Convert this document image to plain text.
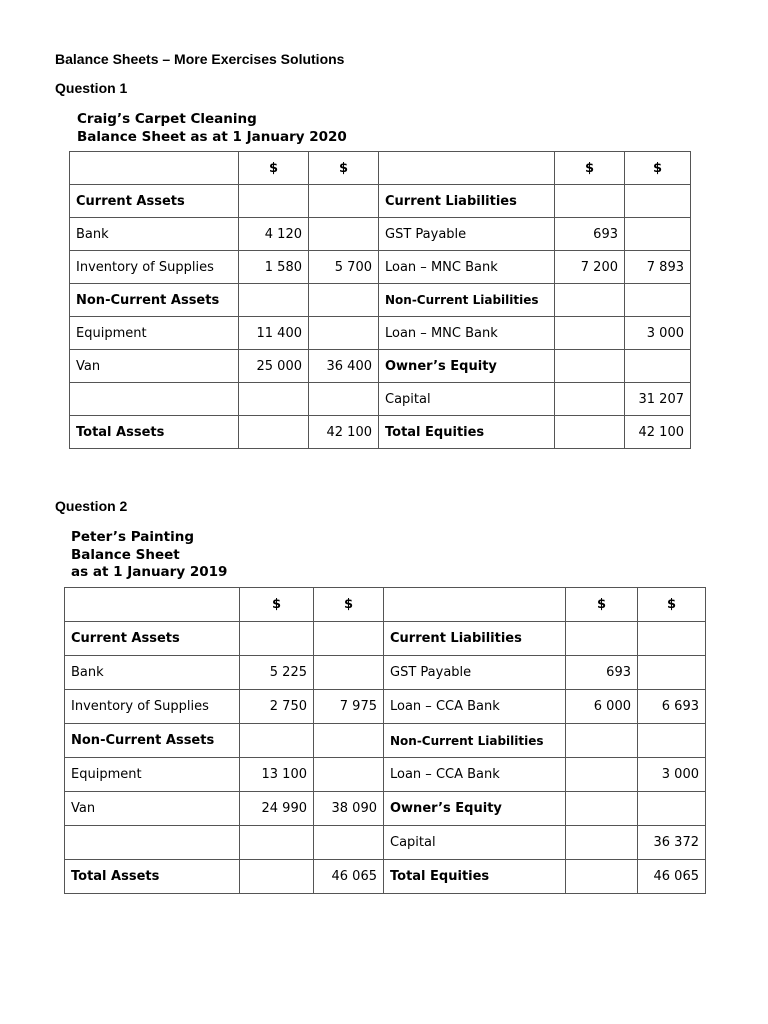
Balance Sheets – More Exercises Solutions
Question 1
Craig’s Carpet Cleaning
Balance Sheet as at 1 January 2020
	$	$		$	$
Current Assets			Current Liabilities		
Bank	4 120		GST Payable	693	
Inventory of Supplies	1 580	5 700	Loan – MNC Bank	7 200	7 893
Non-Current Assets			Non-Current Liabilities		
Equipment	11 400		Loan – MNC Bank		3 000
Van	25 000	36 400	Owner’s Equity		
			Capital		31 207
Total Assets		42 100	Total Equities		42 100
Question 2
Peter’s Painting
Balance Sheet
as at 1 January 2019
	$	$		$	$
Current Assets			Current Liabilities		
Bank	5 225		GST Payable	693	
Inventory of Supplies	2 750	7 975	Loan – CCA Bank	6 000	6 693
Non-Current Assets			Non-Current Liabilities		
Equipment	13 100		Loan – CCA Bank		3 000
Van	24 990	38 090	Owner’s Equity		
			Capital		36 372
Total Assets		46 065	Total Equities		46 065
